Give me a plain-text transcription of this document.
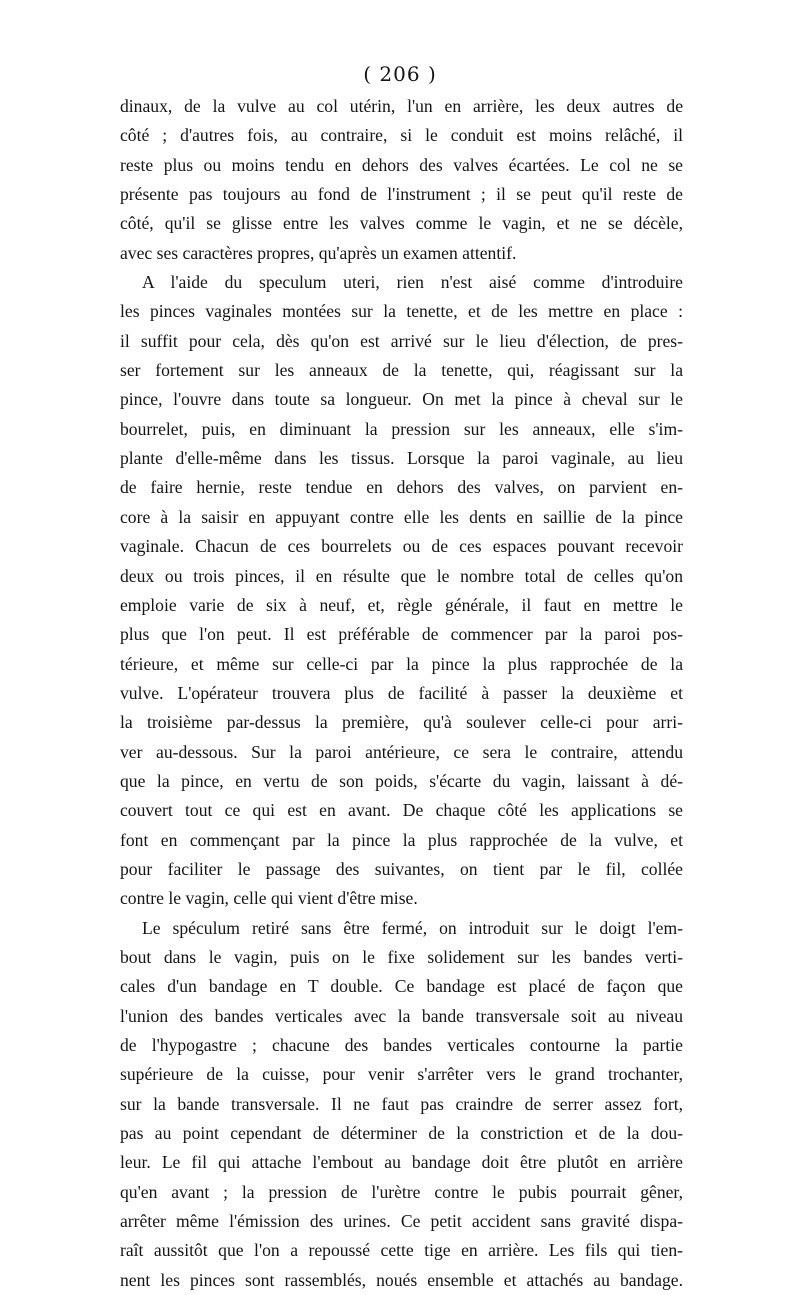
( 206 )
dinaux, de la vulve au col utérin, l'un en arrière, les deux autres de
côté ; d'autres fois, au contraire, si le conduit est moins relâché, il
reste plus ou moins tendu en dehors des valves écartées. Le col ne se
présente pas toujours au fond de l'instrument ; il se peut qu'il reste de
côté, qu'il se glisse entre les valves comme le vagin, et ne se décèle,
avec ses caractères propres, qu'après un examen attentif.
A l'aide du speculum uteri, rien n'est aisé comme d'introduire
les pinces vaginales montées sur la tenette, et de les mettre en place :
il suffit pour cela, dès qu'on est arrivé sur le lieu d'élection, de pres-
ser fortement sur les anneaux de la tenette, qui, réagissant sur la
pince, l'ouvre dans toute sa longueur. On met la pince à cheval sur le
bourrelet, puis, en diminuant la pression sur les anneaux, elle s'im-
plante d'elle-même dans les tissus. Lorsque la paroi vaginale, au lieu
de faire hernie, reste tendue en dehors des valves, on parvient en-
core à la saisir en appuyant contre elle les dents en saillie de la pince
vaginale. Chacun de ces bourrelets ou de ces espaces pouvant recevoir
deux ou trois pinces, il en résulte que le nombre total de celles qu'on
emploie varie de six à neuf, et, règle générale, il faut en mettre le
plus que l'on peut. Il est préférable de commencer par la paroi pos-
térieure, et même sur celle-ci par la pince la plus rapprochée de la
vulve. L'opérateur trouvera plus de facilité à passer la deuxième et
la troisième par-dessus la première, qu'à soulever celle-ci pour arri-
ver au-dessous. Sur la paroi antérieure, ce sera le contraire, attendu
que la pince, en vertu de son poids, s'écarte du vagin, laissant à dé-
couvert tout ce qui est en avant. De chaque côté les applications se
font en commençant par la pince la plus rapprochée de la vulve, et
pour faciliter le passage des suivantes, on tient par le fil, collée
contre le vagin, celle qui vient d'être mise.
Le spéculum retiré sans être fermé, on introduit sur le doigt l'em-
bout dans le vagin, puis on le fixe solidement sur les bandes verti-
cales d'un bandage en T double. Ce bandage est placé de façon que
l'union des bandes verticales avec la bande transversale soit au niveau
de l'hypogastre ; chacune des bandes verticales contourne la partie
supérieure de la cuisse, pour venir s'arrêter vers le grand trochanter,
sur la bande transversale. Il ne faut pas craindre de serrer assez fort,
pas au point cependant de déterminer de la constriction et de la dou-
leur. Le fil qui attache l'embout au bandage doit être plutôt en arrière
qu'en avant ; la pression de l'urètre contre le pubis pourrait gêner,
arrêter même l'émission des urines. Ce petit accident sans gravité dispa-
raît aussitôt que l'on a repoussé cette tige en arrière. Les fils qui tien-
nent les pinces sont rassemblés, noués ensemble et attachés au bandage.
